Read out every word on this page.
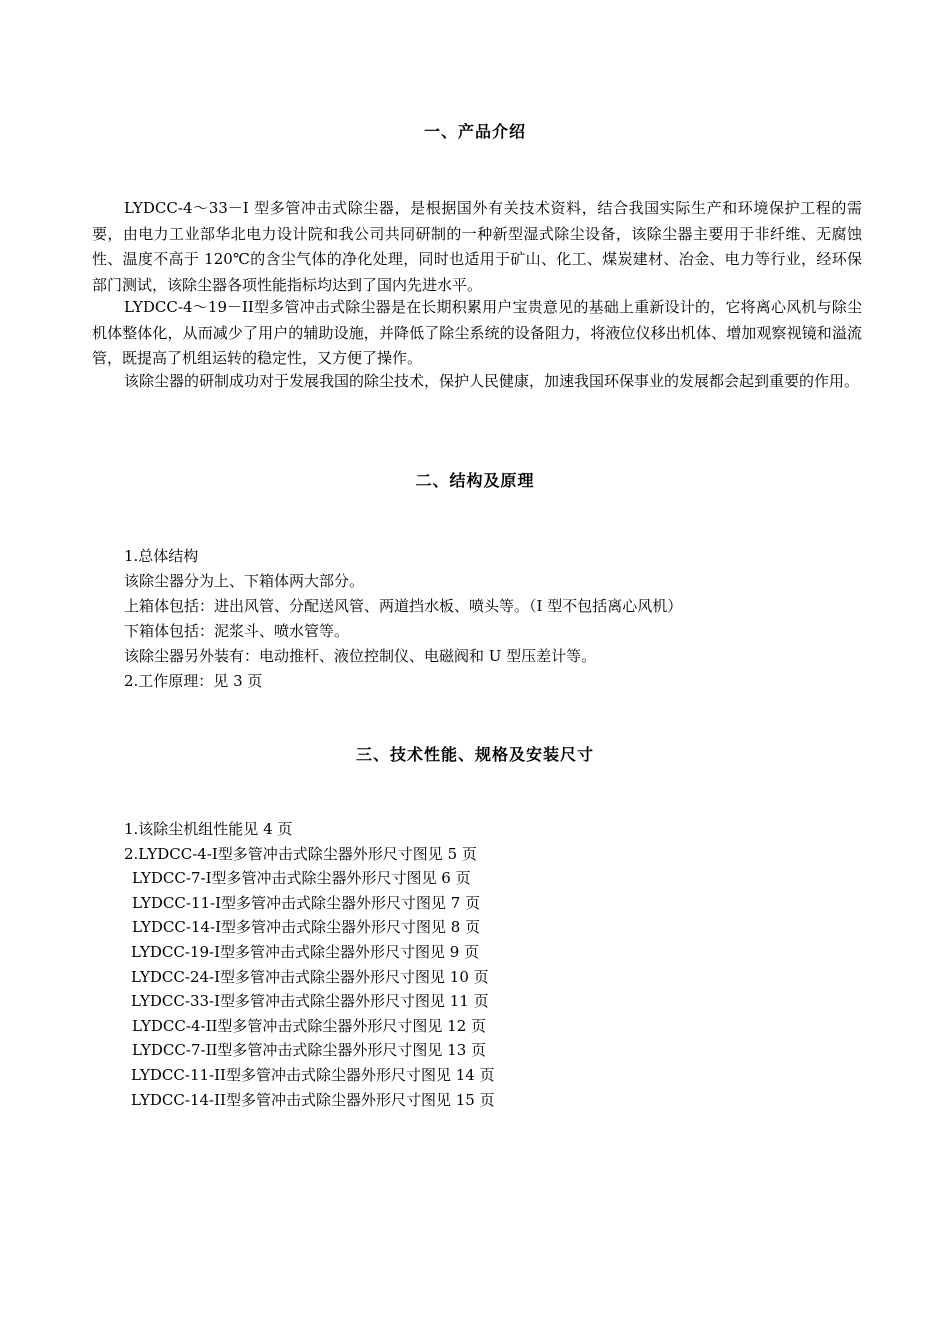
一、产品介绍

LYDCC-4～33－I 型多管冲击式除尘器，是根据国外有关技术资料，结合我国实际生产和环境保护工程的需要，由电力工业部华北电力设计院和我公司共同研制的一种新型湿式除尘设备，该除尘器主要用于非纤维、无腐蚀性、温度不高于 120℃的含尘气体的净化处理，同时也适用于矿山、化工、煤炭建材、冶金、电力等行业，经环保部门测试，该除尘器各项性能指标均达到了国内先进水平。

LYDCC-4～19－II型多管冲击式除尘器是在长期积累用户宝贵意见的基础上重新设计的，它将离心风机与除尘机体整体化，从而减少了用户的辅助设施，并降低了除尘系统的设备阻力，将液位仪移出机体、增加观察视镜和溢流管，既提高了机组运转的稳定性，又方便了操作。

该除尘器的研制成功对于发展我国的除尘技术，保护人民健康，加速我国环保事业的发展都会起到重要的作用。

二、结构及原理
1.总体结构
该除尘器分为上、下箱体两大部分。
上箱体包括：进出风管、分配送风管、两道挡水板、喷头等。（I 型不包括离心风机）
下箱体包括：泥浆斗、喷水管等。
该除尘器另外装有：电动推杆、液位控制仪、电磁阀和 U 型压差计等。
2.工作原理：见 3 页
三、技术性能、规格及安装尺寸
1.该除尘机组性能见 4 页
2.LYDCC-4-I型多管冲击式除尘器外形尺寸图见 5 页
LYDCC-7-I型多管冲击式除尘器外形尺寸图见 6 页
LYDCC-11-I型多管冲击式除尘器外形尺寸图见 7 页
LYDCC-14-I型多管冲击式除尘器外形尺寸图见 8 页
LYDCC-19-I型多管冲击式除尘器外形尺寸图见 9 页
LYDCC-24-I型多管冲击式除尘器外形尺寸图见 10 页
LYDCC-33-I型多管冲击式除尘器外形尺寸图见 11 页
LYDCC-4-II型多管冲击式除尘器外形尺寸图见 12 页
LYDCC-7-II型多管冲击式除尘器外形尺寸图见 13 页
LYDCC-11-II型多管冲击式除尘器外形尺寸图见 14 页
LYDCC-14-II型多管冲击式除尘器外形尺寸图见 15 页
